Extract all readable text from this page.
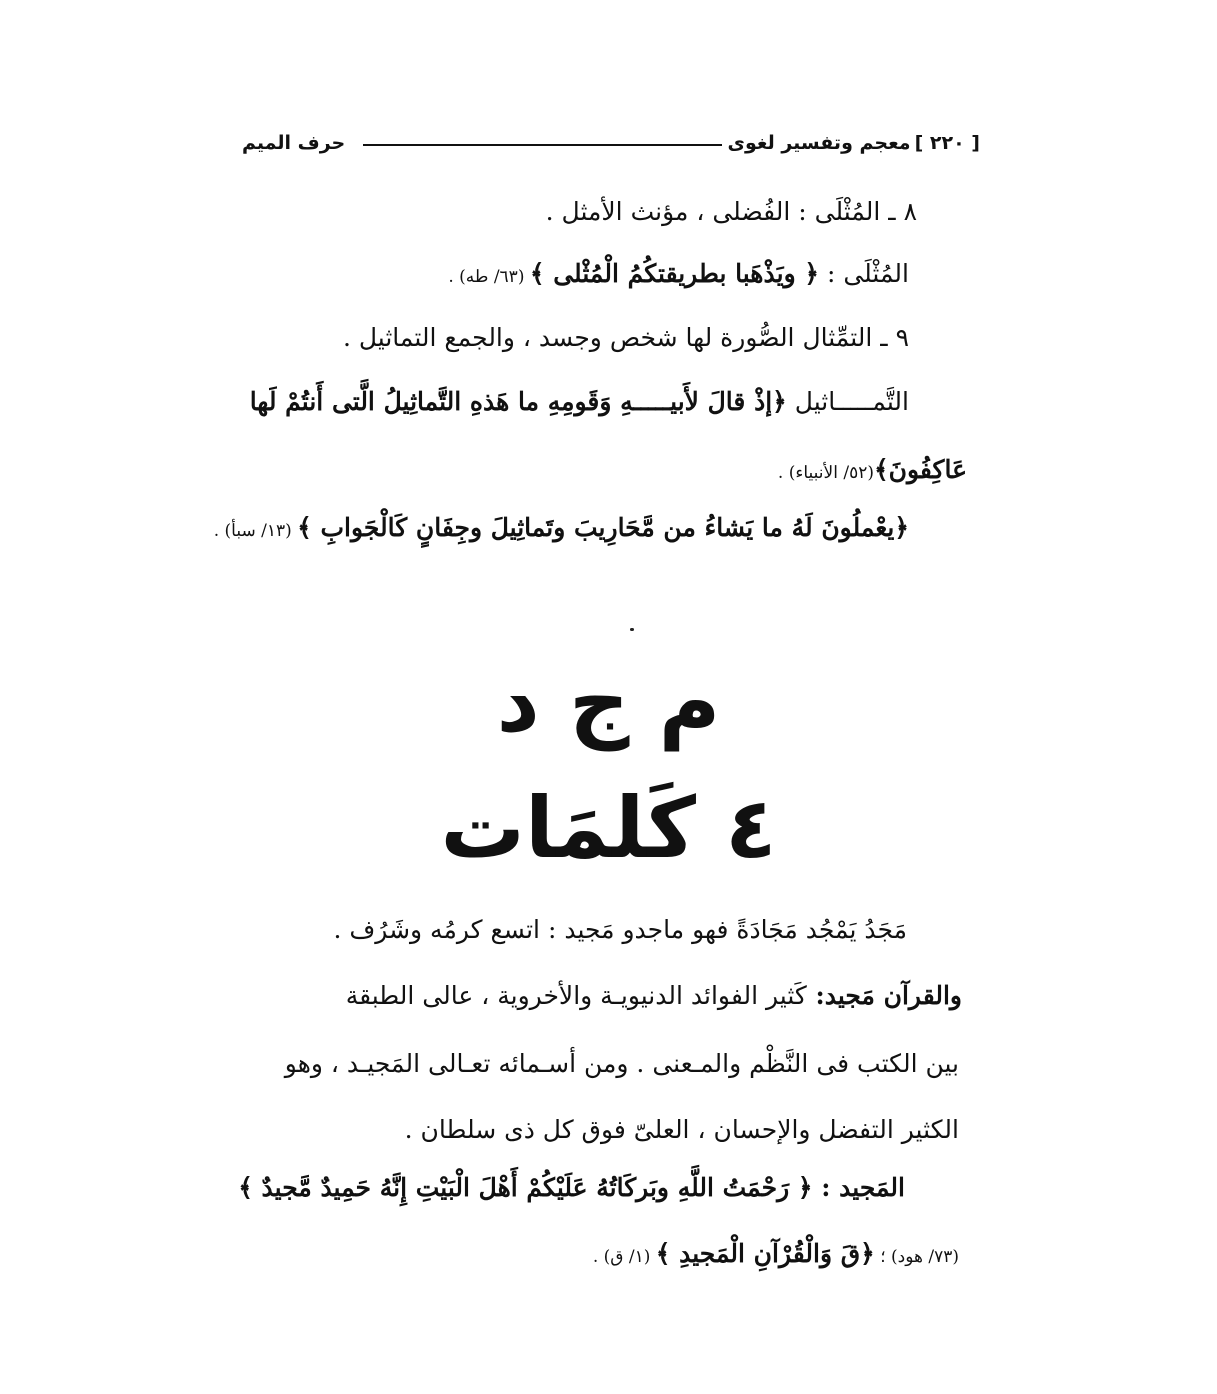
[ ٢٢٠ ]
معجم وتفسير لغوى
حرف الميم
٨ ـ المُثْلَى : الفُضلى ، مؤنث الأمثل .
المُثْلَى : ﴿ ويَذْهَبا بطريقتكُمُ الْمُثْلى ﴾ (٦٣/ طه) .
٩ ـ التمِّثال الصُّورة لها شخص وجسد ، والجمع التماثيل .
التَّمـــــاثيل ﴿إذْ قالَ لأَبيـــــهِ وَقَومِهِ ما هَذهِ التَّماثِيلُ الَّتى أَنتُمْ لَها
عَاكِفُونَ﴾(٥٢/ الأنبياء) .
﴿يعْملُونَ لَهُ ما يَشاءُ من مَّحَارِيبَ وتَماثِيلَ وجِفَانٍ كَالْجَوابِ ﴾ (١٣/ سبأ) .
م ج د
٤ كَلمَات
مَجَدُ يَمْجُد مَجَادَةً فهو ماجدو مَجيد : اتسع كرمُه وشَرُف .
والقرآن مَجيد: كَثير الفوائد الدنيويـة والأخروية ، عالى الطبقة
بين الكتب فى النَّظْم والمـعنى . ومن أسـمائه تعـالى المَجيـد ، وهو
الكثير التفضل والإحسان ، العلىّ فوق كل ذى سلطان .
المَجيد : ﴿ رَحْمَتُ اللَّهِ وبَركَاتُهُ عَلَيْكُمْ أَهْلَ الْبَيْتِ إِنَّهُ حَمِيدٌ مَّجيدٌ ﴾
(٧٣/ هود) ؛ ﴿قَ وَالْقُرْآنِ الْمَجيدِ ﴾ (١/ ق) .
